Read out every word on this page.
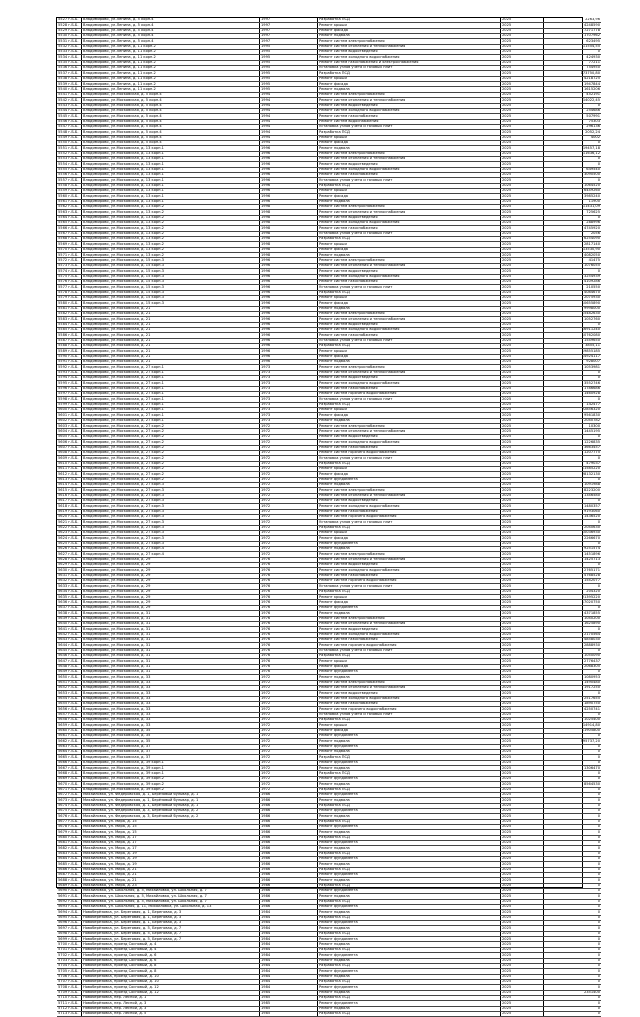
5527 г.Б.Б.	Владимирово, ул.Ленина, д. 5 корп.4	1997	Разработка ПСД	2025	2263,96
5528 г.Б.Б.	Владимирово, ул.Ленина, д. 5 корп.4	1997	Ремонт крыши	2025	4248590
5529 г.Б.Б.	Владимирово, ул.Ленина, д. 5 корп.4	1997	Ремонт фасада	2025	7271778
5530 г.Б.Б.	Владимирово, ул.Ленина, д. 5 корп.4	1997	Ремонт подвала	2025	1707962
5531 г.Б.Б.	Владимирово, ул.Ленина, д. 5 корп.4	1997	Ремонт систем электроснабжения	2025	623495
5532 г.Б.Б.	Владимирово, ул.Ленина, д. 11 корп.2	1995	Ремонт систем отопления и теплоснабжения	2025	11554,55
5533 г.Б.Б.	Владимирово, ул.Ленина, д. 11 корп.2	1995	Ремонт систем водоотведения	2025	0
5534 г.Б.Б.	Владимирово, ул.Ленина, д. 11 корп.2	1995	Ремонт систем холодного водоснабжения	2025	424930
5535 г.Б.Б.	Владимирово, ул.Ленина, д. 11 корп.2	1995	Ремонт систем газоснабжения и электроснабжения	2025	77211
5536 г.Б.Б.	Владимирово, ул.Ленина, д. 11 корп.2	1995	Установка узлов учета и газовых плит	2025	754950
5537 г.Б.Б.	Владимирово, ул.Ленина, д. 11 корп.2	1995	Разработка ПСД	2025	173750,80
5538 г.Б.Б.	Владимирово, ул.Ленина, д. 11 корп.2	1995	Ремонт крыши	2025	4218725
5539 г.Б.Б.	Владимирово, ул.Ленина, д. 11 корп.2	1995	Ремонт фасада	2025	1947844
5540 г.Б.Б.	Владимирово, ул.Ленина, д. 11 корп.2	1995	Ремонт подвала	2025	1615206
5541 г.Б.Б.	Владимирово, ул.Московская, д. 5 корп.4	1994	Ремонт систем электроснабжения	2025	452191
5542 г.Б.Б.	Владимирово, ул.Московская, д. 5 корп.4	1994	Ремонт систем отопления и теплоснабжения	2025	14022,45
5543 г.Б.Б.	Владимирово, ул.Московская, д. 5 корп.4	1994	Ремонт систем водоотведения	2025	0
5544 г.Б.Б.	Владимирово, ул.Московская, д. 5 корп.4	1994	Ремонт систем холодного водоснабжения	2025	254686
5545 г.Б.Б.	Владимирово, ул.Московская, д. 5 корп.4	1994	Ремонт систем газоснабжения	2025	507991
5546 г.Б.Б.	Владимирово, ул.Московская, д. 5 корп.4	1994	Ремонт систем водоснабжения	2025	75303
5547 г.Б.Б.	Владимирово, ул.Московская, д. 5 корп.4	1994	Установка узлов учета и газовых плит	2025	296136
5548 г.Б.Б.	Владимирово, ул.Московская, д. 5 корп.4	1994	Разработка ПСД	2025	2052,24
5549 г.Б.Б.	Владимирово, ул.Московская, д. 5 корп.4	1994	Ремонт крыши	2025	4002
5550 г.Б.Б.	Владимирово, ул.Московская, д. 5 корп.4	1994	Ремонт фасада	2025	0
5551 г.Б.Б.	Владимирово, ул.Московская, д. 13 корп.1	1996	Ремонт подвала	2025	19457,18
5552 г.Б.Б.	Владимирово, ул.Московская, д. 13 корп.1	1996	Ремонт систем электроснабжения	2025	11636,12
5553 г.Б.Б.	Владимирово, ул.Московская, д. 13 корп.1	1996	Ремонт систем отопления и теплоснабжения	2025	0
5554 г.Б.Б.	Владимирово, ул.Московская, д. 13 корп.1	1996	Ремонт систем водоотведения	2025	0
5555 г.Б.Б.	Владимирово, ул.Московская, д. 13 корп.1	1996	Ремонт систем холодного водоснабжения	2025	649540
5556 г.Б.Б.	Владимирово, ул.Московская, д. 13 корп.1	1996	Ремонт систем газоснабжения	2025	3090500
5557 г.Б.Б.	Владимирово, ул.Московская, д. 13 корп.1	1996	Установка узлов учета и газовых плит	2025	0
5558 г.Б.Б.	Владимирово, ул.Московская, д. 13 корп.1	1996	Разработка ПСД	2025	1064520
5559 г.Б.Б.	Владимирово, ул.Московская, д. 13 корп.1	1996	Ремонт крыши	2025	6449260
5560 г.Б.Б.	Владимирово, ул.Московская, д. 13 корп.1	1996	Ремонт фасада	2025	3985240
5561 г.Б.Б.	Владимирово, ул.Московская, д. 13 корп.1	1996	Ремонт подвала	2025	11900
5562 г.Б.Б.	Владимирово, ул.Московская, д. 13 корп.2	1998	Ремонт систем электроснабжения	2025	11431,09
5563 г.Б.Б.	Владимирово, ул.Московская, д. 13 корп.2	1998	Ремонт систем отопления и теплоснабжения	2025	725625
5564 г.Б.Б.	Владимирово, ул.Московская, д. 13 корп.2	1998	Ремонт систем водоотведения	2025	0
5565 г.Б.Б.	Владимирово, ул.Московская, д. 13 корп.2	1998	Ремонт систем холодного водоснабжения	2025	288996
5566 г.Б.Б.	Владимирово, ул.Московская, д. 13 корп.2	1998	Ремонт систем газоснабжения	2025	4745920
5567 г.Б.Б.	Владимирово, ул.Московская, д. 13 корп.2	1998	Установка узлов учета и газовых плит	2025	2056
5568 г.Б.Б.	Владимирово, ул.Московская, д. 13 корп.2	1998	Разработка ПСД	2025	6254090
5569 г.Б.Б.	Владимирово, ул.Московская, д. 13 корп.2	1998	Ремонт крыши	2025	2817140
5570 г.Б.Б.	Владимирово, ул.Московская, д. 13 корп.2	1998	Ремонт фасада	2025	13530,90
5571 г.Б.Б.	Владимирово, ул.Московская, д. 13 корп.2	1998	Ремонт подвала	2025	4082050
5572 г.Б.Б.	Владимирово, ул.Московская, д. 15 корп.3	1996	Ремонт систем электроснабжения	2025	41475
5573 г.Б.Б.	Владимирово, ул.Московская, д. 15 корп.3	1996	Ремонт систем отопления и теплоснабжения	2025	1076055
5574 г.Б.Б.	Владимирово, ул.Московская, д. 15 корп.3	1996	Ремонт систем водоотведения	2025	0
5575 г.Б.Б.	Владимирово, ул.Московская, д. 15 корп.3	1996	Ремонт систем холодного водоснабжения	2025	3254939
5576 г.Б.Б.	Владимирово, ул.Московская, д. 15 корп.3	1996	Ремонт систем газоснабжения	2025	4109286
5577 г.Б.Б.	Владимирово, ул.Московская, д. 15 корп.3	1996	Установка узлов учета и газовых плит	2025	210550
5578 г.Б.Б.	Владимирово, ул.Московская, д. 15 корп.3	1996	Разработка ПСД	2025	4084670
5579 г.Б.Б.	Владимирово, ул.Московская, д. 15 корп.3	1996	Ремонт крыши	2025	2075930
5580 г.Б.Б.	Владимирово, ул.Московская, д. 15 корп.3	1996	Ремонт фасада	2025	10655890
5581 г.Б.Б.	Владимирово, ул.Московская, д. 21	1996	Ремонт подвала	2025	9998000
5582 г.Б.Б.	Владимирово, ул.Московская, д. 21	1996	Ремонт систем электроснабжения	2025	15482630
5583 г.Б.Б.	Владимирово, ул.Московская, д. 21	1996	Ремонт систем отопления и теплоснабжения	2025	1052760
5584 г.Б.Б.	Владимирово, ул.Московская, д. 21	1996	Ремонт систем водоотведения	2025	0
5585 г.Б.Б.	Владимирово, ул.Московская, д. 21	1996	Ремонт систем холодного водоснабжения	2025	16911240
5586 г.Б.Б.	Владимирово, ул.Московская, д. 21	1996	Ремонт систем газоснабжения	2025	10762080
5587 г.Б.Б.	Владимирово, ул.Московская, д. 21	1996	Установка узлов учета и газовых плит	2025	1549650
5588 г.Б.Б.	Владимирово, ул.Московская, д. 21	1996	Разработка ПСД	2025	3855,11
5589 г.Б.Б.	Владимирово, ул.Московская, д. 21	1996	Ремонт крыши	2025	19855185
5590 г.Б.Б.	Владимирово, ул.Московская, д. 21	1996	Ремонт фасада	2025	14924117
5591 г.Б.Б.	Владимирово, ул.Московская, д. 21	1996	Ремонт подвала	2025	928007
5592 г.Б.Б.	Владимирово, ул.Московская, д. 27 корп.1	1973	Ремонт систем электроснабжения	2025	1053981
5593 г.Б.Б.	Владимирово, ул.Московская, д. 27 корп.1	1973	Ремонт систем отопления и теплоснабжения	2025	0
5594 г.Б.Б.	Владимирово, ул.Московская, д. 27 корп.1	1973	Ремонт систем водоотведения	2025	0
5595 г.Б.Б.	Владимирово, ул.Московская, д. 27 корп.1	1973	Ремонт систем холодного водоснабжения	2025	3552746
5596 г.Б.Б.	Владимирово, ул.Московская, д. 27 корп.1	1973	Ремонт систем газоснабжения	2025	1786686
5597 г.Б.Б.	Владимирово, ул.Московская, д. 27 корп.1	1973	Ремонт систем горячего водоснабжения	2025	1460928
5598 г.Б.Б.	Владимирово, ул.Московская, д. 27 корп.1	1973	Установка узлов учета и газовых плит	2025	0
5599 г.Б.Б.	Владимирово, ул.Московская, д. 27 корп.1	1973	Разработка ПСД	2025	142477
5600 г.Б.Б.	Владимирово, ул.Московская, д. 27 корп.1	1973	Ремонт крыши	2025	22856320
5601 г.Б.Б.	Владимирово, ул.Московская, д. 27 корп.1	1973	Ремонт фасада	2025	9561830
5602 г.Б.Б.	Владимирово, ул.Московская, д. 27 корп.1	1973	Ремонт подвала	2025	2040782
5603 г.Б.Б.	Владимирово, ул.Московская, д. 27 корп.2	1972	Ремонт систем электроснабжения	2025	10300
5604 г.Б.Б.	Владимирово, ул.Московская, д. 27 корп.2	1972	Ремонт систем отопления и теплоснабжения	2025	1445195
5605 г.Б.Б.	Владимирово, ул.Московская, д. 27 корп.2	1972	Ремонт систем водоотведения	2025	0
5606 г.Б.Б.	Владимирово, ул.Московская, д. 27 корп.2	1972	Ремонт систем холодного водоснабжения	2025	1226835
5607 г.Б.Б.	Владимирово, ул.Московская, д. 27 корп.2	1972	Ремонт систем газоснабжения	2025	3663457
5608 г.Б.Б.	Владимирово, ул.Московская, д. 27 корп.2	1972	Ремонт систем горячего водоснабжения	2025	1207775
5609 г.Б.Б.	Владимирово, ул.Московская, д. 27 корп.2	1972	Установка узлов учета и газовых плит	2025	0
5610 г.Б.Б.	Владимирово, ул.Московская, д. 27 корп.2	1972	Разработка ПСД	2025	479037
5611 г.Б.Б.	Владимирово, ул.Московская, д. 27 корп.2	1972	Ремонт крыши	2025	11585220
5612 г.Б.Б.	Владимирово, ул.Московская, д. 27 корп.2	1972	Ремонт фасада	2025	28132130
5613 г.Б.Б.	Владимирово, ул.Московская, д. 27 корп.2	1972	Ремонт фундамента	2025	0
5614 г.Б.Б.	Владимирово, ул.Московская, д. 27 корп.3	1972	Ремонт подвала	2025	1091988
5615 г.Б.Б.	Владимирово, ул.Московская, д. 27 корп.3	1972	Ремонт систем электроснабжения	2025	8223200
5616 г.Б.Б.	Владимирово, ул.Московская, д. 27 корп.3	1972	Ремонт систем отопления и теплоснабжения	2025	1346580
5617 г.Б.Б.	Владимирово, ул.Московская, д. 27 корп.3	1972	Ремонт систем водоотведения	2025	0
5618 г.Б.Б.	Владимирово, ул.Московская, д. 27 корп.3	1972	Ремонт систем холодного водоснабжения	2025	1480357
5619 г.Б.Б.	Владимирово, ул.Московская, д. 27 корп.3	1972	Ремонт систем газоснабжения	2025	9193060
5620 г.Б.Б.	Владимирово, ул.Московская, д. 27 корп.3	1972	Ремонт систем горячего водоснабжения	2025	1436520
5621 г.Б.Б.	Владимирово, ул.Московская, д. 27 корп.3	1972	Установка узлов учета и газовых плит	2025	0
5622 г.Б.Б.	Владимирово, ул.Московская, д. 27 корп.3	1972	Разработка ПСД	2025	2040630
5623 г.Б.Б.	Владимирово, ул.Московская, д. 27 корп.3	1972	Ремонт крыши	2025	10036930
5624 г.Б.Б.	Владимирово, ул.Московская, д. 27 корп.3	1972	Ремонт фасада	2025	2266670
5625 г.Б.Б.	Владимирово, ул.Московская, д. 27 корп.3	1972	Ремонт фундамента	2025	0
5626 г.Б.Б.	Владимирово, ул.Московская, д. 27 корп.4	1972	Ремонт подвала	2025	9251574
5627 г.Б.Б.	Владимирово, ул.Московская, д. 27 корп.4	1972	Ремонт систем электроснабжения	2025	1451896
5628 г.Б.Б.	Владимирово, ул.Московская, д. 29	1976	Ремонт систем отопления и теплоснабжения	2025	1425713
5629 г.Б.Б.	Владимирово, ул.Московская, д. 29	1976	Ремонт систем водоотведения	2025	0
5630 г.Б.Б.	Владимирово, ул.Московская, д. 29	1976	Ремонт систем холодного водоснабжения	2025	2765171
5631 г.Б.Б.	Владимирово, ул.Московская, д. 29	1976	Ремонт систем газоснабжения	2025	4768528
5632 г.Б.Б.	Владимирово, ул.Московская, д. 29	1976	Ремонт систем горячего водоснабжения	2025	1542077
5633 г.Б.Б.	Владимирово, ул.Московская, д. 29	1976	Установка узлов учета и газовых плит	2025	0
5634 г.Б.Б.	Владимирово, ул.Московская, д. 29	1976	Разработка ПСД	2025	204320
5635 г.Б.Б.	Владимирово, ул.Московская, д. 29	1976	Ремонт крыши	2025	21395220
5636 г.Б.Б.	Владимирово, ул.Московская, д. 29	1976	Ремонт фасада	2025	17020750
5637 г.Б.Б.	Владимирово, ул.Московская, д. 29	1976	Ремонт фундамента	2025	0
5638 г.Б.Б.	Владимирово, ул.Московская, д. 31	1976	Ремонт подвала	2025	4371855
5639 г.Б.Б.	Владимирово, ул.Московская, д. 31	1976	Ремонт систем электроснабжения	2025	1040200
5640 г.Б.Б.	Владимирово, ул.Московская, д. 31	1976	Ремонт систем отопления и теплоснабжения	2025	1625890
5641 г.Б.Б.	Владимирово, ул.Московская, д. 31	1976	Ремонт систем водоотведения	2025	0
5642 г.Б.Б.	Владимирово, ул.Московская, д. 31	1976	Ремонт систем холодного водоснабжения	2025	2170564
5643 г.Б.Б.	Владимирово, ул.Московская, д. 31	1976	Ремонт систем газоснабжения	2025	4858030
5644 г.Б.Б.	Владимирово, ул.Московская, д. 31	1976	Ремонт систем горячего водоснабжения	2025	2888930
5645 г.Б.Б.	Владимирово, ул.Московская, д. 31	1976	Установка узлов учета и газовых плит	2025	0
5646 г.Б.Б.	Владимирово, ул.Московская, д. 31	1976	Разработка ПСД	2025	1050090
5647 г.Б.Б.	Владимирово, ул.Московская, д. 31	1976	Ремонт крыши	2025	2776437
5648 г.Б.Б.	Владимирово, ул.Московская, д. 31	1976	Ремонт фасада	2025	2068305
5649 г.Б.Б.	Владимирово, ул.Московская, д. 31	1976	Ремонт фундамента	2025	0
5650 г.Б.Б.	Владимирово, ул.Московская, д. 33	1972	Ремонт подвала	2025	1080953
5651 г.Б.Б.	Владимирово, ул.Московская, д. 33	1972	Ремонт систем электроснабжения	2025	1490480
5652 г.Б.Б.	Владимирово, ул.Московская, д. 33	1972	Ремонт систем отопления и теплоснабжения	2025	1917250
5653 г.Б.Б.	Владимирово, ул.Московская, д. 33	1972	Ремонт систем водоотведения	2025	0
5654 г.Б.Б.	Владимирово, ул.Московская, д. 33	1972	Ремонт систем холодного водоснабжения	2025	2517655
5655 г.Б.Б.	Владимирово, ул.Московская, д. 33	1972	Ремонт систем газоснабжения	2025	1890750
5656 г.Б.Б.	Владимирово, ул.Московская, д. 33	1972	Ремонт систем горячего водоснабжения	2025	4250741
5657 г.Б.Б.	Владимирово, ул.Московская, д. 33	1972	Установка узлов учета и газовых плит	2025	0
5658 г.Б.Б.	Владимирово, ул.Московская, д. 33	1972	Разработка ПСД	2025	1025400
5659 г.Б.Б.	Владимирово, ул.Московская, д. 33	1972	Ремонт крыши	2025	14914,80
5660 г.Б.Б.	Владимирово, ул.Московская, д. 35	1972	Ремонт фасада	2025	11905800
5661 г.Б.Б.	Владимирово, ул.Московская, д. 35	1972	Ремонт фундамента	2025	0
5662 г.Б.Б.	Владимирово, ул.Московская, д. 35	1972	Ремонт подвала	2025	595737,20
5663 г.Б.Б.	Владимирово, ул.Московская, д. 37	1972	Ремонт фундамента	2025	0
5664 г.Б.Б.	Владимирово, ул.Московская, д. 37	1972	Ремонт подвала	2025	0
5665 г.Б.Б.	Владимирово, ул.Московская, д. 37	1972	Разработка ПСД	2025	0
5666 г.Б.Б.	Владимирово, ул.Московская, д. 39 корп.1	1972	Ремонт фундамента	2025	0
5667 г.Б.Б.	Владимирово, ул.Московская, д. 39 корп.1	1972	Ремонт подвала	2025	1306470
5668 г.Б.Б.	Владимирово, ул.Московская, д. 39 корп.1	1972	Разработка ПСД	2025	0
5669 г.Б.Б.	Владимирово, ул.Московская, д. 39 корп.2	1972	Ремонт фундамента	2025	0
5670 г.Б.Б.	Владимирово, ул.Московская, д. 39 корп.2	1972	Ремонт подвала	2025	8564530
5671 г.Б.Б.	Владимирово, ул.Московская, д. 39 корп.2	1972	Разработка ПСД	2025	0
5672 г.Б.Б.	Михайловка, ул. Федеровская, д. 1, Берёзовый бульвар, д. 1	1986	Ремонт фундамента	2025	0
5673 г.Б.Б.	Михайловка, ул. Федеровская, д. 1, Берёзовый бульвар, д. 1	1986	Ремонт подвала	2025	0
5674 г.Б.Б.	Михайловка, ул. Федеровская, д. 1, Берёзовый бульвар, д. 1	1986	Разработка ПСД	2025	0
5675 г.Б.Б.	Михайловка, ул. Федеровская, д. 3, Берёзовый бульвар, д. 2	1986	Ремонт фундамента	2025	0
5676 г.Б.Б.	Михайловка, ул. Федеровская, д. 3, Берёзовый бульвар, д. 2	1986	Ремонт подвала	2025	0
5677 г.Б.Б.	Михайловка, ул. Мира, д. 15	1986	Разработка ПСД	2025	0
5678 г.Б.Б.	Михайловка, ул. Мира, д. 15	1986	Ремонт фундамента	2025	0
5679 г.Б.Б.	Михайловка, ул. Мира, д. 15	1986	Ремонт подвала	2025	0
5680 г.Б.Б.	Михайловка, ул. Мира, д. 17	1986	Разработка ПСД	2025	0
5681 г.Б.Б.	Михайловка, ул. Мира, д. 17	1986	Ремонт фундамента	2025	0
5682 г.Б.Б.	Михайловка, ул. Мира, д. 17	1986	Ремонт подвала	2025	0
5683 г.Б.Б.	Михайловка, ул. Мира, д. 19	1986	Разработка ПСД	2025	0
5684 г.Б.Б.	Михайловка, ул. Мира, д. 19	1986	Ремонт фундамента	2025	0
5685 г.Б.Б.	Михайловка, ул. Мира, д. 19	1986	Ремонт подвала	2025	0
5686 г.Б.Б.	Михайловка, ул. Мира, д. 21	1986	Разработка ПСД	2025	0
5687 г.Б.Б.	Михайловка, ул. Мира, д. 21	1986	Ремонт фундамента	2025	0
5688 г.Б.Б.	Михайловка, ул. Мира, д. 21	1986	Ремонт подвала	2025	0
5689 г.Б.Б.	Михайловка, ул. Мира, д. 23	1986	Разработка ПСД	2025	0
5690 г.Б.Б.	Михайловка, ул. Школьная, д. 5, Михайловка, ул. Школьная, д. 7	1986	Ремонт фундамента	2025	0
5691 г.Б.Б.	Михайловка, ул. Школьная, д. 5, Михайловка, ул. Школьная, д. 7	1986	Ремонт подвала	2025	0
5692 г.Б.Б.	Михайловка, ул. Школьная, д. 5, Михайловка, ул. Школьная, д. 7	1986	Разработка ПСД	2025	0
5693 г.Б.Б.	Михайловка, ул. Школьная, д. 11, Михайловка, ул. Школьная, д. 13	1986	Ремонт фундамента	2025	0
5694 г.Б.Б.	Новоберёзовка, ул. Береговая, д. 1, Береговая, д. 3	1984	Ремонт подвала	2025	0
5695 г.Б.Б.	Новоберёзовка, ул. Береговая, д. 1, Береговая, д. 3	1984	Разработка ПСД	2025	0
5696 г.Б.Б.	Новоберёзовка, ул. Береговая, д. 1, Береговая, д. 3	1984	Ремонт фундамента	2025	0
5697 г.Б.Б.	Новоберёзовка, ул. Береговая, д. 5, Береговая, д. 7	1984	Ремонт подвала	2025	0
5698 г.Б.Б.	Новоберёзовка, ул. Береговая, д. 5, Береговая, д. 7	1984	Разработка ПСД	2025	0
5699 г.Б.Б.	Новоберёзовка, ул. Береговая, д. 5, Береговая, д. 7	1984	Ремонт фундамента	2025	0
5700 г.Б.Б.	Новоберёзовка, проезд Сосновый, д. 4	1984	Ремонт подвала	2025	0
5701 г.Б.Б.	Новоберёзовка, проезд Сосновый, д. 4	1984	Разработка ПСД	2025	0
5702 г.Б.Б.	Новоберёзовка, проезд Сосновый, д. 6	1984	Ремонт фундамента	2025	0
5703 г.Б.Б.	Новоберёзовка, проезд Сосновый, д. 6	1984	Ремонт подвала	2025	0
5704 г.Б.Б.	Новоберёзовка, проезд Сосновый, д. 8	1984	Разработка ПСД	2025	0
5705 г.Б.Б.	Новоберёзовка, проезд Сосновый, д. 8	1984	Ремонт фундамента	2025	0
5706 г.Б.Б.	Новоберёзовка, проезд Сосновый, д. 10	1984	Ремонт подвала	2025	0
5707 г.Б.Б.	Новоберёзовка, проезд Сосновый, д. 10	1984	Разработка ПСД	2025	0
5708 г.Б.Б.	Новоберёзовка, проезд Сосновый, д. 12	1984	Ремонт фундамента	2025	0
5709 г.Б.Б.	Новоберёзовка, проезд Сосновый, д. 12	1984	Ремонт подвала	2025	2351400
5710 г.Б.Б.	Новоберёзовка, пер. Лесной, д. 1	1985	Разработка ПСД	2025	0
5711 г.Б.Б.	Новоберёзовка, пер. Лесной, д. 3	1985	Ремонт фундамента	2025	0
5712 г.Б.Б.	Новоберёзовка, пер. Лесной, д. 3	1985	Ремонт подвала	2025	0
5713 г.Б.Б.	Новоберёзовка, пер. Лесной, д. 5	1985	Разработка ПСД	2025	0
